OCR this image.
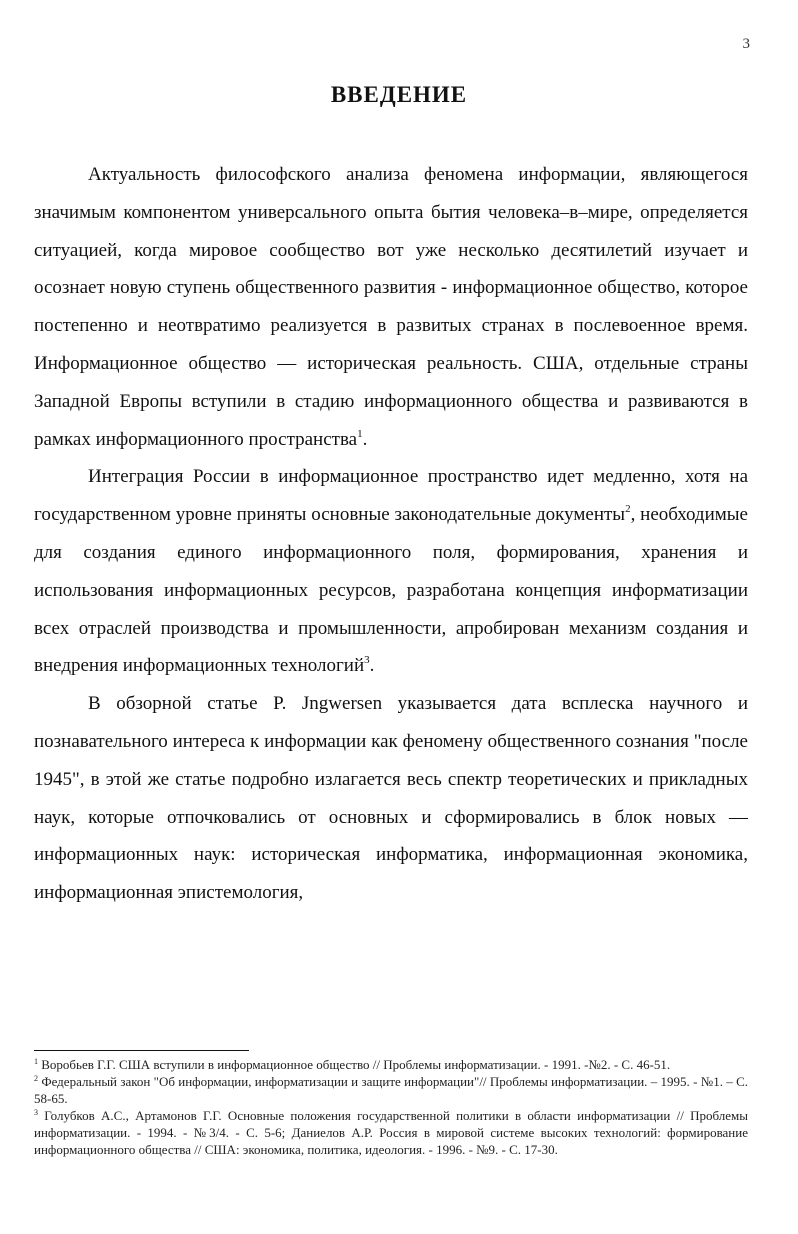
3
ВВЕДЕНИЕ

Актуальность философского анализа феномена информации, являющегося значимым компонентом универсального опыта бытия человека–в–мире, определяется ситуацией, когда мировое сообщество вот уже несколько десятилетий изучает и осознает новую ступень общественного развития - информационное общество, которое постепенно и неотвратимо реализуется в развитых странах в послевоенное время. Информационное общество — историческая реальность. США, отдельные страны Западной Европы вступили в стадию информационного общества и развиваются в рамках информационного пространства$^1$.

Интеграция России в информационное пространство идет медленно, хотя на государственном уровне приняты основные законодательные документы$^2$, необходимые для создания единого информационного поля, формирования, хранения и использования информационных ресурсов, разработана концепция информатизации всех отраслей производства и промышленности, апробирован механизм создания и внедрения информационных технологий$^3$.

В обзорной статье P. Jngwersen указывается дата всплеска научного и познавательного интереса к информации как феномену общественного сознания "после 1945", в этой же статье подробно излагается весь спектр теоретических и прикладных наук, которые отпочковались от основных и сформировались в блок новых — информационных наук: историческая информатика, информационная экономика, информационная эпистемология,

$^1$ Воробьев Г.Г. США вступили в информационное общество // Проблемы информатизации. - 1991. -№2. - С. 46-51.

$^2$ Федеральный закон "Об информации, информатизации и защите информации"// Проблемы информатизации. – 1995. - №1. – С. 58-65.

$^3$ Голубков А.С., Артамонов Г.Г. Основные положения государственной политики в области информатизации // Проблемы информатизации. - 1994. - №3/4. - С. 5-6; Даниелов А.Р. Россия в мировой системе высоких технологий: формирование информационного общества // США: экономика, политика, идеология. - 1996. - №9. - С. 17-30.
